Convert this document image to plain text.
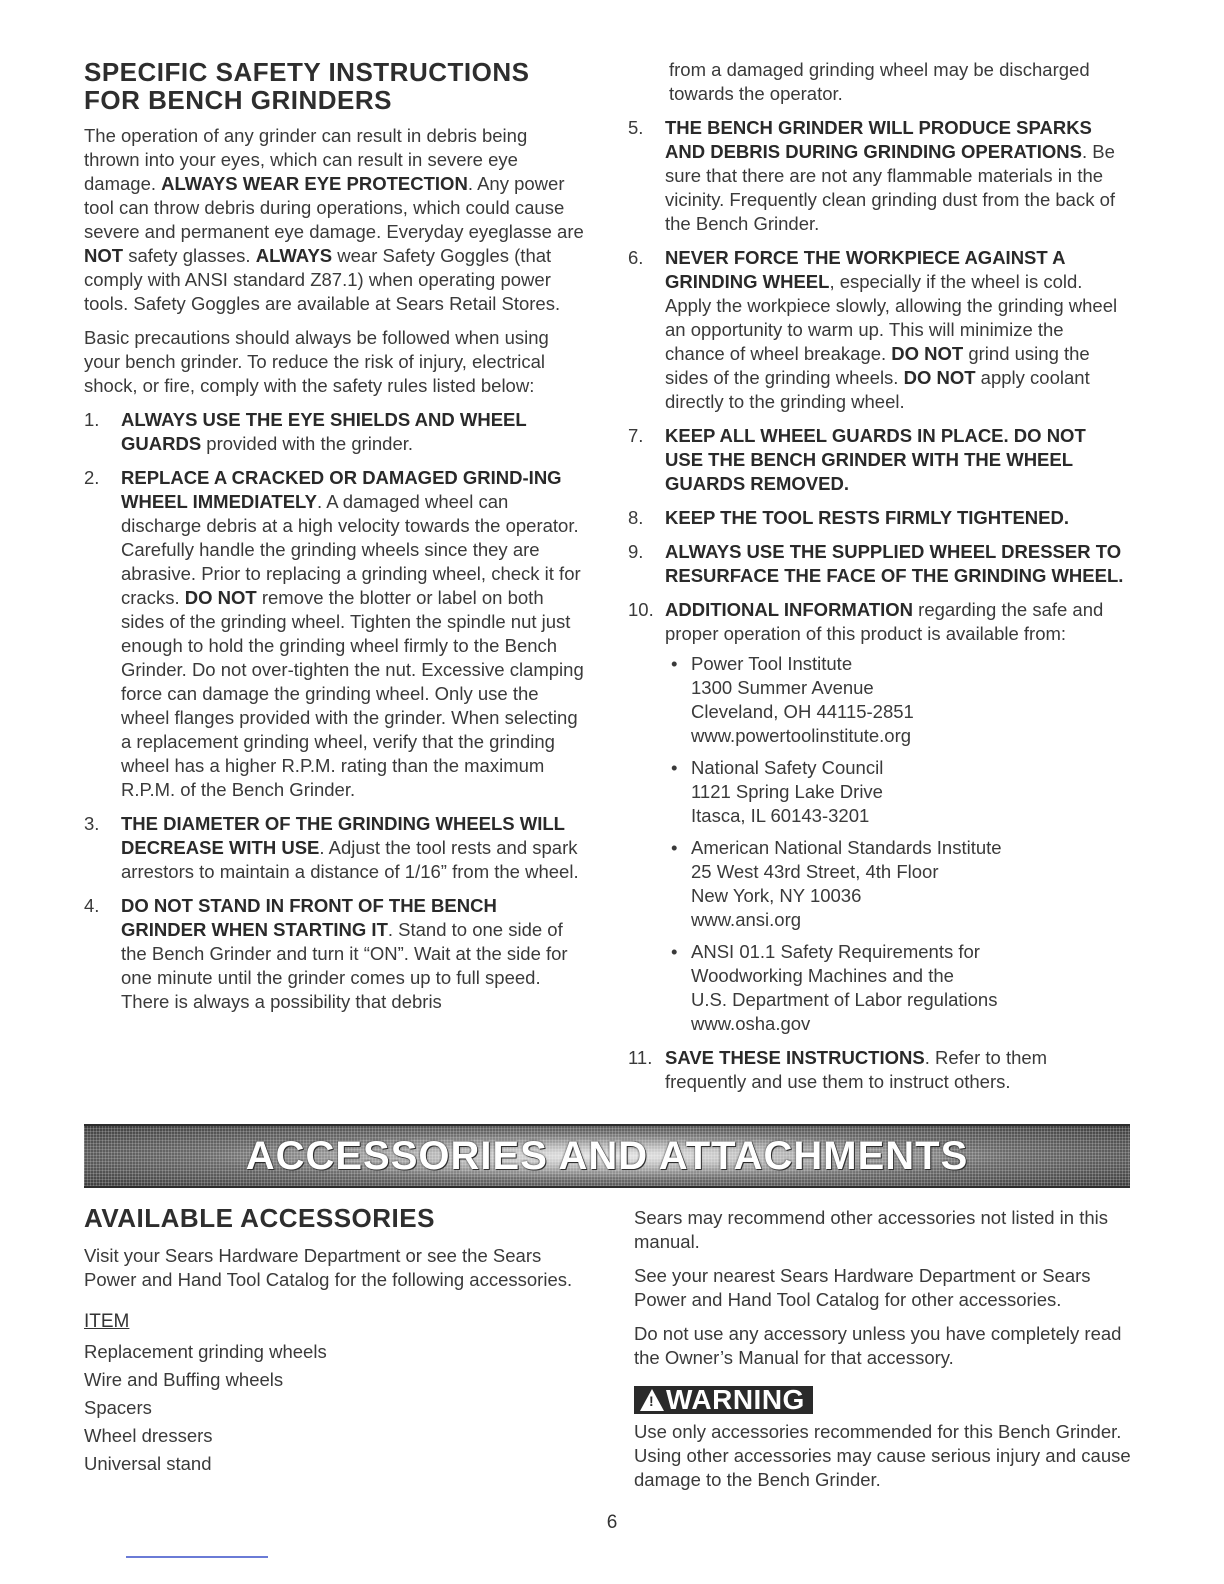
SPECIFIC SAFETY INSTRUCTIONS
FOR BENCH GRINDERS

The operation of any grinder can result in debris being thrown into your eyes, which can result in severe eye damage. ALWAYS WEAR EYE PROTECTION. Any power tool can throw debris during operations, which could cause severe and permanent eye damage. Everyday eyeglasse are NOT safety glasses. ALWAYS wear Safety Goggles (that comply with ANSI standard Z87.1) when operating power tools. Safety Goggles are available at Sears Retail Stores.

Basic precautions should always be followed when using your bench grinder. To reduce the risk of injury, electrical shock, or fire, comply with the safety rules listed below:

1.	ALWAYS USE THE EYE SHIELDS AND WHEEL GUARDS provided with the grinder.
2.	REPLACE A CRACKED OR DAMAGED GRIND-ING WHEEL IMMEDIATELY. A damaged wheel can discharge debris at a high velocity towards the operator. Carefully handle the grinding wheels since they are abrasive. Prior to replacing a grinding wheel, check it for cracks. DO NOT remove the blotter or label on both sides of the grinding wheel. Tighten the spindle nut just enough to hold the grinding wheel firmly to the Bench Grinder. Do not over-tighten the nut. Excessive clamping force can damage the grinding wheel. Only use the wheel flanges provided with the grinder. When selecting a replacement grinding wheel, verify that the grinding wheel has a higher R.P.M. rating than the maximum R.P.M. of the Bench Grinder.
3.	THE DIAMETER OF THE GRINDING WHEELS WILL DECREASE WITH USE. Adjust the tool rests and spark arrestors to maintain a distance of 1/16” from the wheel.
4.	DO NOT STAND IN FRONT OF THE BENCH GRINDER WHEN STARTING IT. Stand to one side of the Bench Grinder and turn it “ON”. Wait at the side for one minute until the grinder comes up to full speed. There is always a possibility that debris

from a damaged grinding wheel may be discharged towards the operator.

5.	THE BENCH GRINDER WILL PRODUCE SPARKS AND DEBRIS DURING GRINDING OPERATIONS. Be sure that there are not any flammable materials in the vicinity. Frequently clean grinding dust from the back of the Bench Grinder.
6.	NEVER FORCE THE WORKPIECE AGAINST A GRINDING WHEEL, especially if the wheel is cold. Apply the workpiece slowly, allowing the grinding wheel an opportunity to warm up. This will minimize the chance of wheel breakage. DO NOT grind using the sides of the grinding wheels. DO NOT apply coolant directly to the grinding wheel.
7.	KEEP ALL WHEEL GUARDS IN PLACE. DO NOT USE THE BENCH GRINDER WITH THE WHEEL GUARDS REMOVED.
8.	KEEP THE TOOL RESTS FIRMLY TIGHTENED.
9.	ALWAYS USE THE SUPPLIED WHEEL DRESSER TO RESURFACE THE FACE OF THE GRINDING WHEEL.
10. ADDITIONAL INFORMATION regarding the safe and proper operation of this product is available from:
• Power Tool Institute
1300 Summer Avenue
Cleveland, OH 44115-2851
www.powertoolinstitute.org
• National Safety Council
1121 Spring Lake Drive
Itasca, IL 60143-3201
• American National Standards Institute
25 West 43rd Street, 4th Floor
New York, NY 10036
www.ansi.org
• ANSI 01.1 Safety Requirements for
Woodworking Machines and the
U.S. Department of Labor regulations
www.osha.gov
11. SAVE THESE INSTRUCTIONS. Refer to them frequently and use them to instruct others.
ACCESSORIES AND ATTACHMENTS
AVAILABLE ACCESSORIES

Visit your Sears Hardware Department or see the Sears Power and Hand Tool Catalog for the following accessories.

ITEM
Replacement grinding wheels
Wire and Buffing wheels
Spacers
Wheel dressers
Universal stand

Sears may recommend other accessories not listed in this manual.

See your nearest Sears Hardware Department or Sears Power and Hand Tool Catalog for other accessories.

Do not use any accessory unless you have completely read the Owner’s Manual for that accessory.

!
WARNING

Use only accessories recommended for this Bench Grinder. Using other accessories may cause serious injury and cause damage to the Bench Grinder.

6
